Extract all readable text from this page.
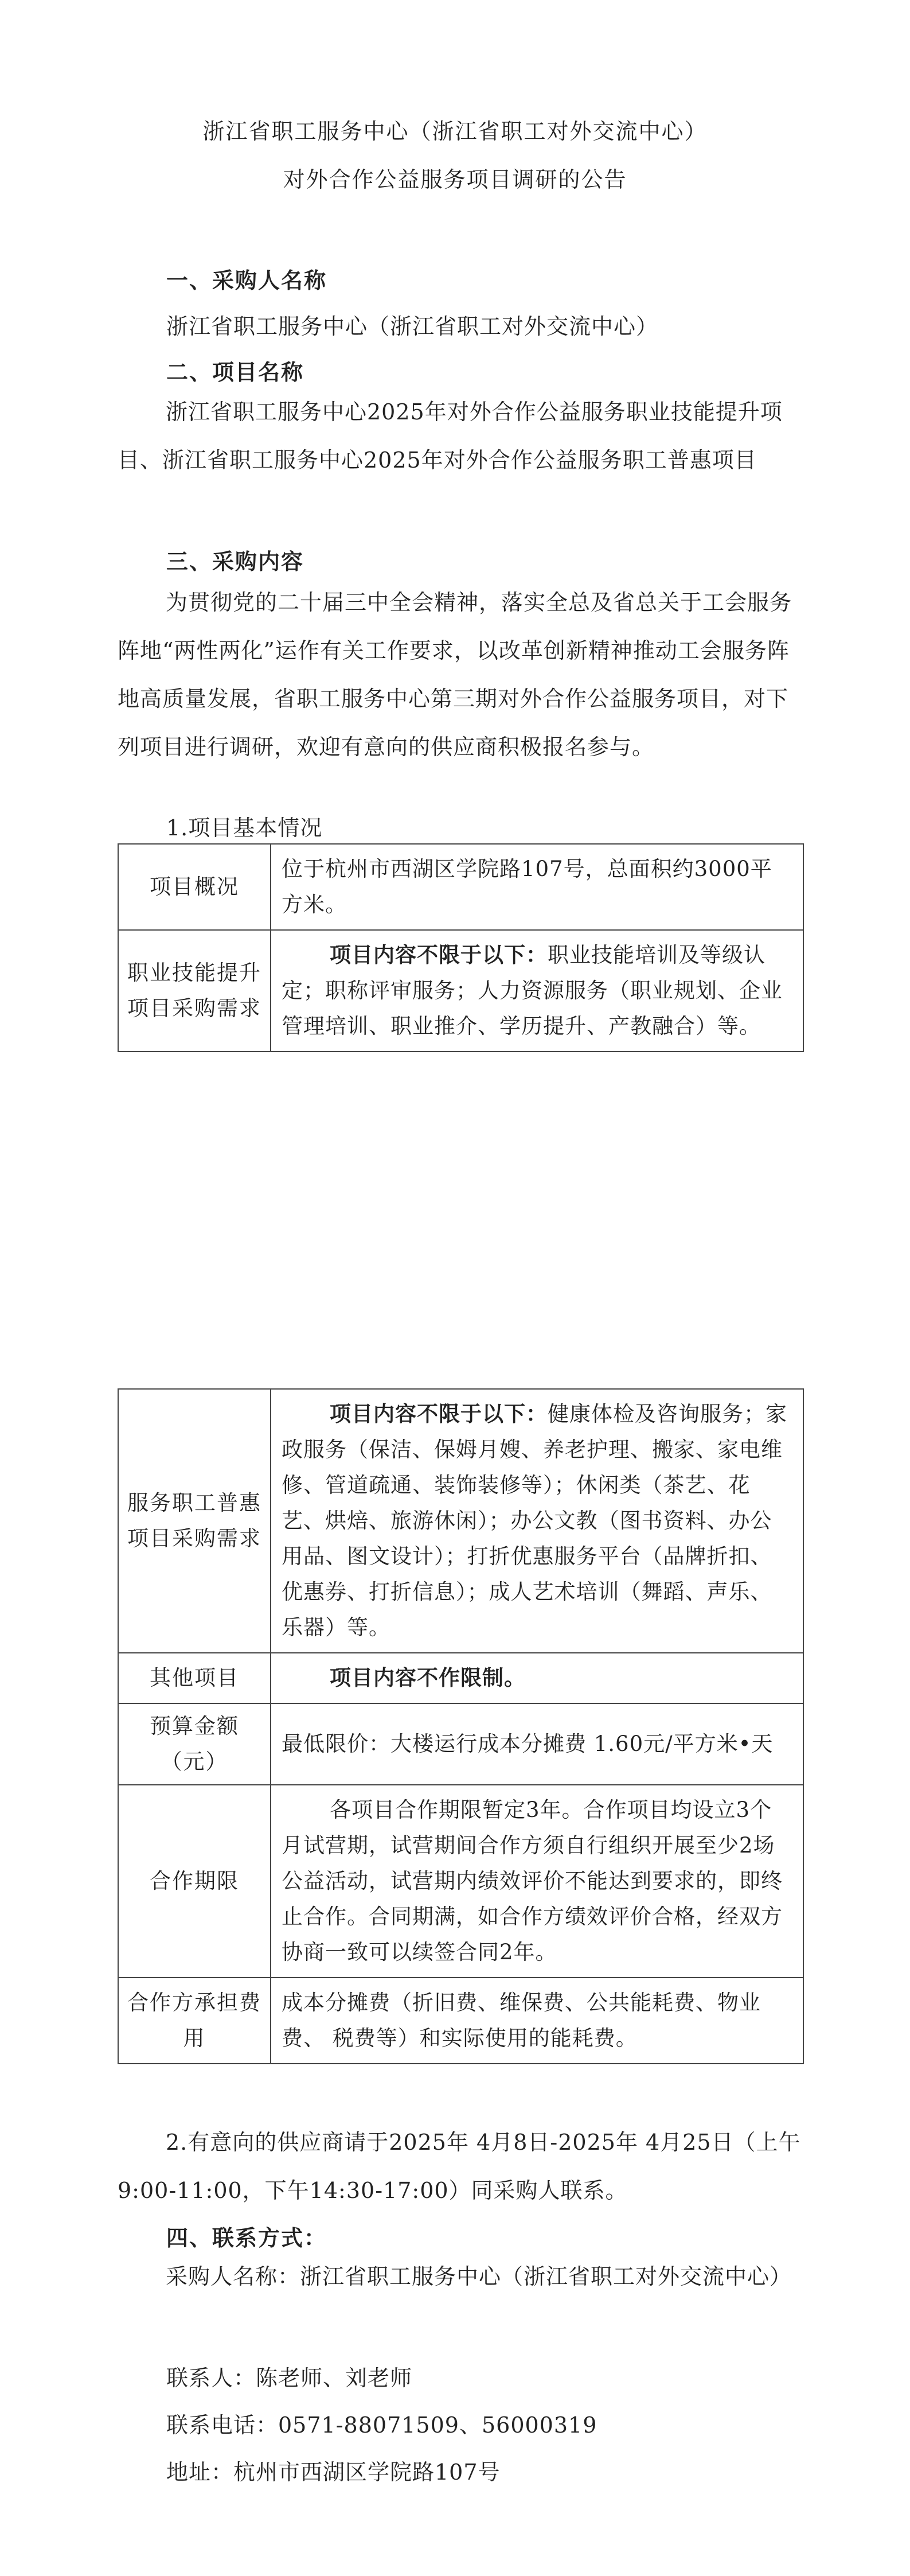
浙江省职工服务中心（浙江省职工对外交流中心）
对外合作公益服务项目调研的公告
一、采购人名称
浙江省职工服务中心（浙江省职工对外交流中心）
二、项目名称
浙江省职工服务中心2025年对外合作公益服务职业技能提升项目、浙江省职工服务中心2025年对外合作公益服务职工普惠项目
三、采购内容
为贯彻党的二十届三中全会精神，落实全总及省总关于工会服务阵地“两性两化”运作有关工作要求，以改革创新精神推动工会服务阵地高质量发展，省职工服务中心第三期对外合作公益服务项目，对下列项目进行调研，欢迎有意向的供应商积极报名参与。
1.项目基本情况
项目概况	位于杭州市西湖区学院路107号，总面积约3000平方米。
职业技能提升项目采购需求	项目内容不限于以下：职业技能培训及等级认定；职称评审服务；人力资源服务（职业规划、企业管理培训、职业推介、学历提升、产教融合）等。
服务职工普惠项目采购需求	项目内容不限于以下：健康体检及咨询服务；家政服务（保洁、保姆月嫂、养老护理、搬家、家电维修、管道疏通、装饰装修等）；休闲类（茶艺、花艺、烘焙、旅游休闲）；办公文教（图书资料、办公用品、图文设计）；打折优惠服务平台（品牌折扣、优惠券、打折信息）；成人艺术培训（舞蹈、声乐、乐器）等。
其他项目	项目内容不作限制。
预算金额（元）	最低限价：大楼运行成本分摊费 1.60元/平方米•天
合作期限	各项目合作期限暂定3年。合作项目均设立3个月试营期，试营期间合作方须自行组织开展至少2场公益活动，试营期内绩效评价不能达到要求的，即终止合作。合同期满，如合作方绩效评价合格，经双方协商一致可以续签合同2年。
合作方承担费用	成本分摊费（折旧费、维保费、公共能耗费、物业费、 税费等）和实际使用的能耗费。
2.有意向的供应商请于2025年 4月8日-2025年 4月25日（上午9:00-11:00，下午14:30-17:00）同采购人联系。
四、联系方式：
采购人名称：浙江省职工服务中心（浙江省职工对外交流中心）
联系人：陈老师、刘老师
联系电话：0571-88071509、56000319
地址：杭州市西湖区学院路107号
